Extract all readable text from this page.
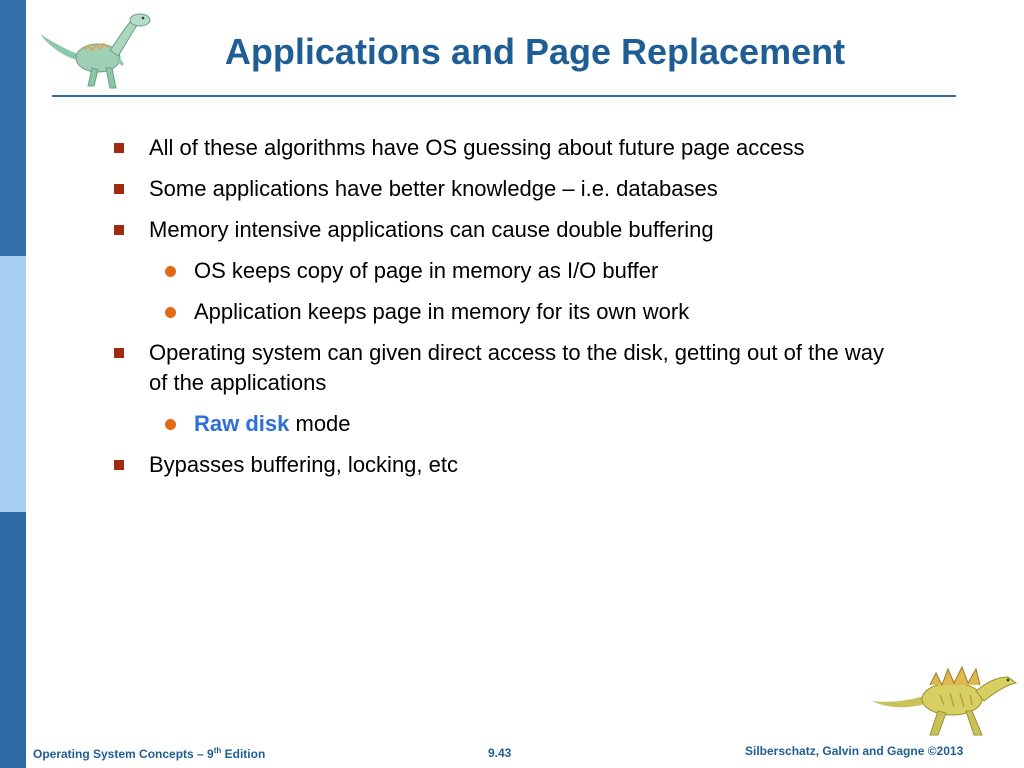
Applications and Page Replacement
All of these algorithms have OS guessing about future page access
Some applications have better knowledge – i.e. databases
Memory intensive applications can cause double buffering
OS keeps copy of page in memory as I/O buffer
Application keeps page in memory for its own work
Operating system can given direct access to the disk, getting out of the way of the applications
Raw disk mode
Bypasses buffering, locking, etc
Operating System Concepts – 9th Edition	9.43	Silberschatz, Galvin and Gagne ©2013
